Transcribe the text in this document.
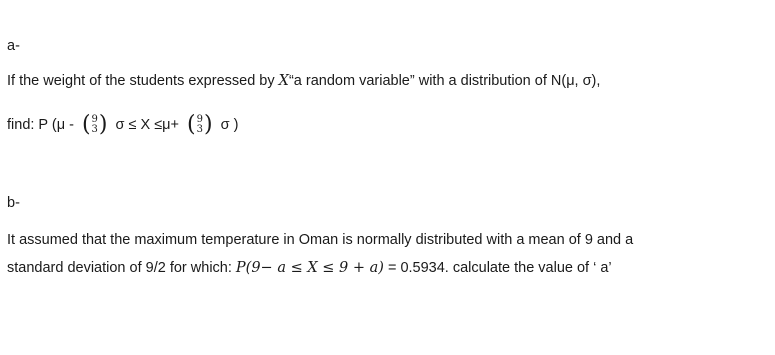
a-
If the weight of the students expressed by X“a random variable” with a distribution of N(μ, σ),
find: P (μ - ( 9
3 ) σ ≤ X ≤μ+ ( 9
3 ) σ )
b-
It assumed that the maximum temperature in Oman is normally distributed with a mean of 9 and a
standard deviation of 9/2 for which: P(9− a ≤ X ≤ 9 + a) = 0.5934. calculate the value of ‘ a’
